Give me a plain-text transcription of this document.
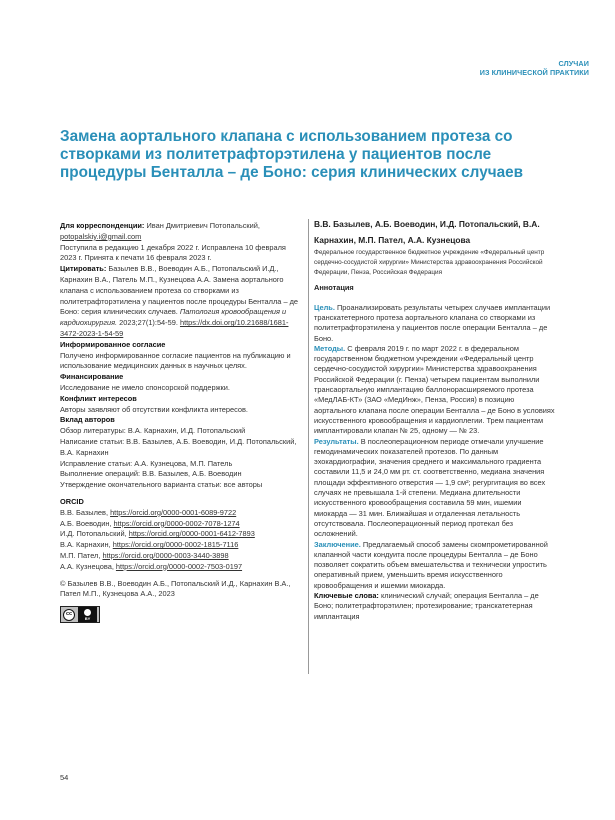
СЛУЧАИ
ИЗ КЛИНИЧЕСКОЙ ПРАКТИКИ
Замена аортального клапана с использованием протеза со створками из политетрафторэтилена у пациентов после процедуры Бенталла – де Боно: серия клинических случаев

Для корреспонденции: Иван Дмитриевич Потопальский,
potopalskiy.i@gmail.com

Поступила в редакцию 1 декабря 2022 г. Исправлена 10 февраля 2023 г. Принята к печати 16 февраля 2023 г.

Цитировать: Базылев В.В., Воеводин А.Б., Потопальский И.Д., Карнахин В.А., Патель М.П., Кузнецова А.А. Замена аортального клапана с использованием протеза со створками из политетрафторэтилена у пациентов после процедуры Бенталла – де Боно: серия клинических случаев. Патология кровообращения и кардиохирургия. 2023;27(1):54-59. https://dx.doi.org/10.21688/1681-3472-2023-1-54-59

Информированное согласие

Получено информированное согласие пациентов на публикацию и использование медицинских данных в научных целях.

Финансирование

Исследование не имело спонсорской поддержки.

Конфликт интересов

Авторы заявляют об отсутствии конфликта интересов.

Вклад авторов

Обзор литературы: В.А. Карнахин, И.Д. Потопальский

Написание статьи: В.В. Базылев, А.Б. Воеводин, И.Д. Потопальский, В.А. Карнахин

Исправление статьи: А.А. Кузнецова, М.П. Патель

Выполнение операций: В.В. Базылев, А.Б. Воеводин

Утверждение окончательного варианта статьи: все авторы

ORCID

В.В. Базылев, https://orcid.org/0000-0001-6089-9722

А.Б. Воеводин, https://orcid.org/0000-0002-7078-1274

И.Д. Потопальский, https://orcid.org/0000-0001-6412-7893

В.А. Карнахин, https://orcid.org/0000-0002-1815-7116

М.П. Пател, https://orcid.org/0000-0003-3440-3898

А.А. Кузнецова, https://orcid.org/0000-0002-7503-0197

© Базылев В.В., Воеводин А.Б., Потопальский И.Д., Карнахин В.А., Пател М.П., Кузнецова А.А., 2023

cc
BY

В.В. Базылев, А.Б. Воеводин, И.Д. Потопальский, В.А. Карнахин, М.П. Пател, А.А. Кузнецова

Федеральное государственное бюджетное учреждение «Федеральный центр сердечно-сосудистой хирургии» Министерства здравоохранения Российской Федерации, Пенза, Российская Федерация

Аннотация

Цель. Проанализировать результаты четырех случаев имплантации транскатетерного протеза аортального клапана со створками из политетрафторэтилена у пациентов после операции Бенталла – де Боно.

Методы. С февраля 2019 г. по март 2022 г. в федеральном государственном бюджетном учреждении «Федеральный центр сердечно-сосудистой хирургии» Министерства здравоохранения Российской Федерации (г. Пенза) четырем пациентам выполнили трансаортальную имплантацию баллонорасширяемого протеза «МедЛАБ-КТ» (ЗАО «МедИнж», Пенза, Россия) в позицию аортального клапана после операции Бенталла – де Боно в условиях искусственного кровообращения и кардиоплегии. Трем пациентам имплантировали клапан № 25, одному — № 23.

Результаты. В послеоперационном периоде отмечали улучшение гемодинамических показателей протезов. По данным эхокардиографии, значения среднего и максимального градиента составили 11,5 и 24,0 мм рт. ст. соответственно, медиана значения площади эффективного отверстия — 1,9 см²; регургитация во всех случаях не превышала 1-й степени. Медиана длительности искусственного кровообращения составила 59 мин, ишемии миокарда — 31 мин. Ближайшая и отдаленная летальность отсутствовала. Послеоперационный период протекал без осложнений.

Заключение. Предлагаемый способ замены скомпрометированной клапанной части кондуита после процедуры Бенталла – де Боно позволяет сократить объем вмешательства и технически упростить оперативный прием, уменьшить время искусственного кровообращения и ишемии миокарда.

Ключевые слова: клинический случай; операция Бенталла – де Боно; политетрафторэтилен; протезирование; транскатетерная имплантация

54
